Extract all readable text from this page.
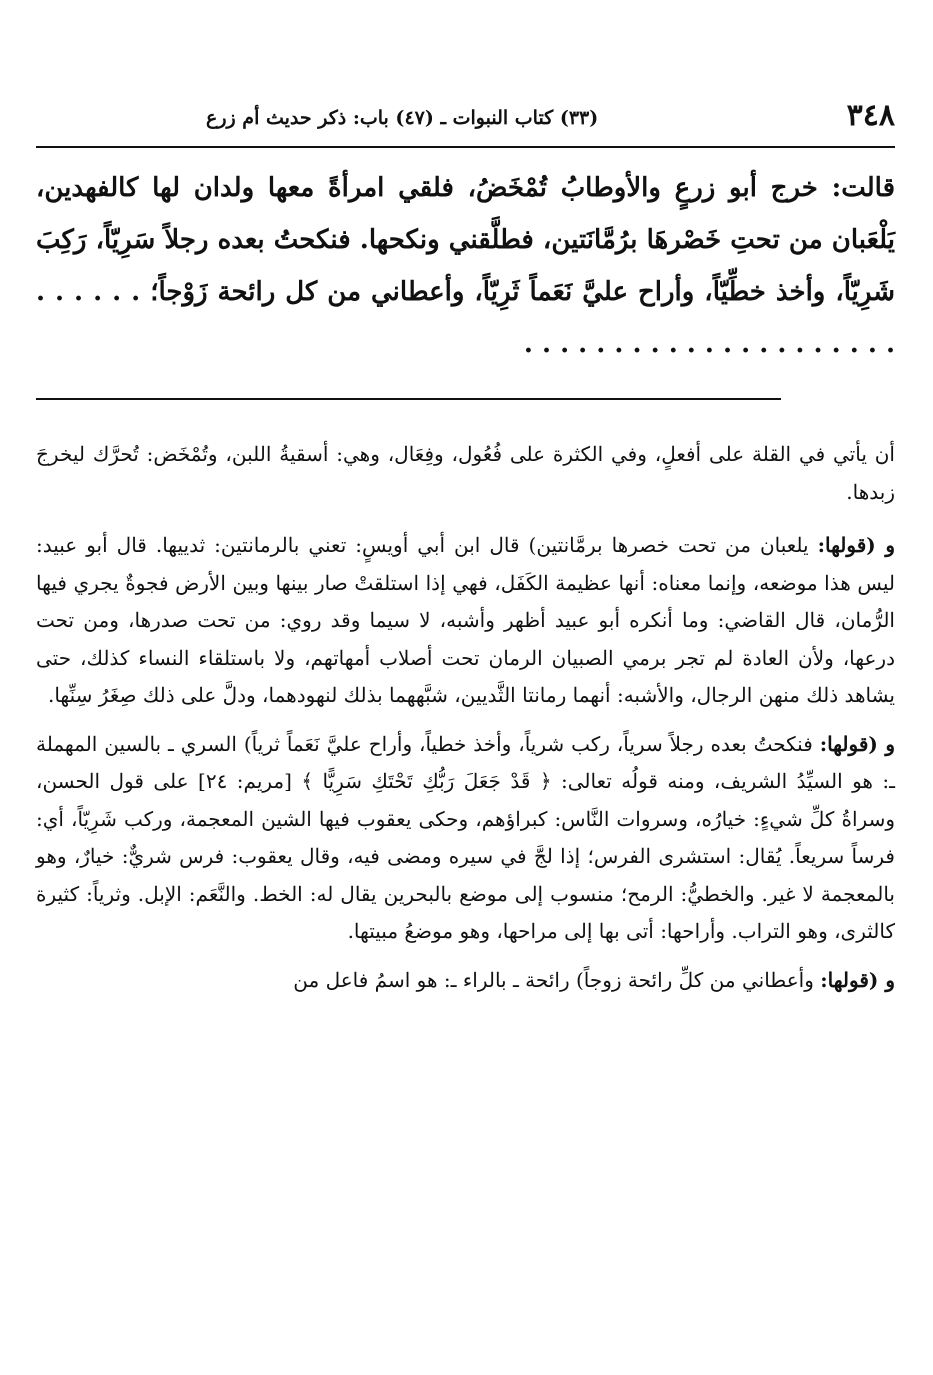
٣٤٨
(٣٣) كتاب النبوات ـ (٤٧) باب: ذكر حديث أم زرع

قالت: خرج أبو زرعٍ والأوطابُ تُمْخَضُ، فلقي امرأةً معها ولدان لها كالفهدين، يَلْعَبان من تحتِ خَصْرهَا برُمَّانَتين، فطلَّقني ونكحها. فنكحتُ بعده رجلاً سَرِيّاً، رَكِبَ شَرِيّاً، وأخذ خطِّيّاً، وأراح عليَّ نَعَماً ثَرِيّاً، وأعطاني من كل رائحة زَوْجاً؛ . . . . . . . . . . . . . . . . . . . . . . . . . . .

أن يأتي في القلة على أفعلٍ، وفي الكثرة على فُعُول، وفِعَال، وهي: أسقيةُ اللبن، وتُمْخَض: تُحرَّك ليخرجَ زبدها.

و (قولها: يلعبان من تحت خصرها برمَّانتين) قال ابن أبي أويسٍ: تعني بالرمانتين: ثدييها. قال أبو عبيد: ليس هذا موضعه، وإنما معناه: أنها عظيمة الكَفَل، فهي إذا استلقتْ صار بينها وبين الأرض فجوةٌ يجري فيها الرُّمان، قال القاضي: وما أنكره أبو عبيد أظهر وأشبه، لا سيما وقد روي: من تحت صدرها، ومن تحت درعها، ولأن العادة لم تجر برمي الصبيان الرمان تحت أصلاب أمهاتهم، ولا باستلقاء النساء كذلك، حتى يشاهد ذلك منهن الرجال، والأشبه: أنهما رمانتا الثَّديين، شبَّههما بذلك لنهودهما، ودلَّ على ذلك صِغَرُ سِنِّها.

و (قولها: فنكحتُ بعده رجلاً سرياً، ركب شرياً، وأخذ خطياً، وأراح عليَّ نَعَماً ثرياً) السري ـ بالسين المهملة ـ: هو السيِّدُ الشريف، ومنه قولُه تعالى: ﴿ قَدْ جَعَلَ رَبُّكِ تَحْتَكِ سَرِيًّا ﴾ [مريم: ٢٤] على قول الحسن، وسراةُ كلِّ شيءٍ: خيارُه، وسروات النَّاس: كبراؤهم، وحكى يعقوب فيها الشين المعجمة، وركب شَرِيّاً، أي: فرساً سريعاً. يُقال: استشرى الفرس؛ إذا لجَّ في سيره ومضى فيه، وقال يعقوب: فرس شريٌّ: خيارٌ، وهو بالمعجمة لا غير. والخطيُّ: الرمح؛ منسوب إلى موضع بالبحرين يقال له: الخط. والنَّعَم: الإبل. وثرياً: كثيرة كالثرى، وهو التراب. وأراحها: أتى بها إلى مراحها، وهو موضعُ مبيتها.

و (قولها: وأعطاني من كلِّ رائحة زوجاً) رائحة ـ بالراء ـ: هو اسمُ فاعل من
